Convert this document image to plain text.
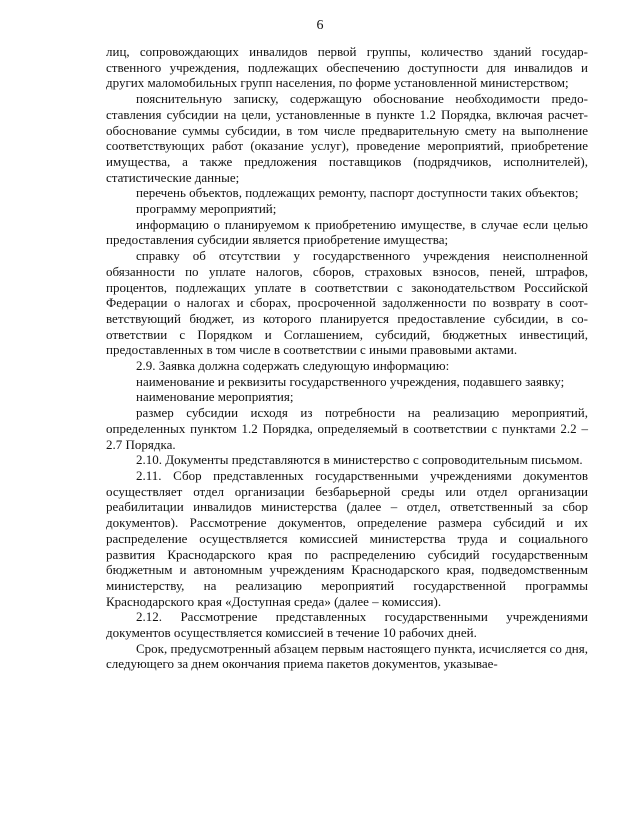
6

лиц, сопровождающих инвалидов первой группы, количество зданий государственного учреждения, подлежащих обеспечению доступности для инвалидов и других маломобильных групп населения, по форме установленной министерством;

пояснительную записку, содержащую обоснование необходимости предоставления субсидии на цели, установленные в пункте 1.2 Порядка, включая расчет-обоснование суммы субсидии, в том числе предварительную смету на выполнение соответствующих работ (оказание услуг), проведение мероприятий, приобретение имущества, а также предложения поставщиков (подрядчиков, исполнителей), статистические данные;

перечень объектов, подлежащих ремонту, паспорт доступности таких объектов;

программу мероприятий;

информацию о планируемом к приобретению имуществе, в случае если целью предоставления субсидии является приобретение имущества;

справку об отсутствии у государственного учреждения неисполненной обязанности по уплате налогов, сборов, страховых взносов, пеней, штрафов, процентов, подлежащих уплате в соответствии с законодательством Российской Федерации о налогах и сборах, просроченной задолженности по возврату в соответствующий бюджет, из которого планируется предоставление субсидии, в соответствии с Порядком и Соглашением, субсидий, бюджетных инвестиций, предоставленных в том числе в соответствии с иными правовыми актами.

2.9. Заявка должна содержать следующую информацию:

наименование и реквизиты государственного учреждения, подавшего заявку;

наименование мероприятия;

размер субсидии исходя из потребности на реализацию мероприятий, определенных пунктом 1.2 Порядка, определяемый в соответствии с пунктами 2.2 – 2.7 Порядка.

2.10. Документы представляются в министерство с сопроводительным письмом.

2.11. Сбор представленных государственными учреждениями документов осуществляет отдел организации безбарьерной среды или отдел организации реабилитации инвалидов министерства (далее – отдел, ответственный за сбор документов). Рассмотрение документов, определение размера субсидий и их распределение осуществляется комиссией министерства труда и социального развития Краснодарского края по распределению субсидий государственным бюджетным и автономным учреждениям Краснодарского края, подведомственным министерству, на реализацию мероприятий государственной программы Краснодарского края «Доступная среда» (далее – комиссия).

2.12. Рассмотрение представленных государственными учреждениями документов осуществляется комиссией в течение 10 рабочих дней.

Срок, предусмотренный абзацем первым настоящего пункта, исчисляется со дня, следующего за днем окончания приема пакетов документов, указывае-
